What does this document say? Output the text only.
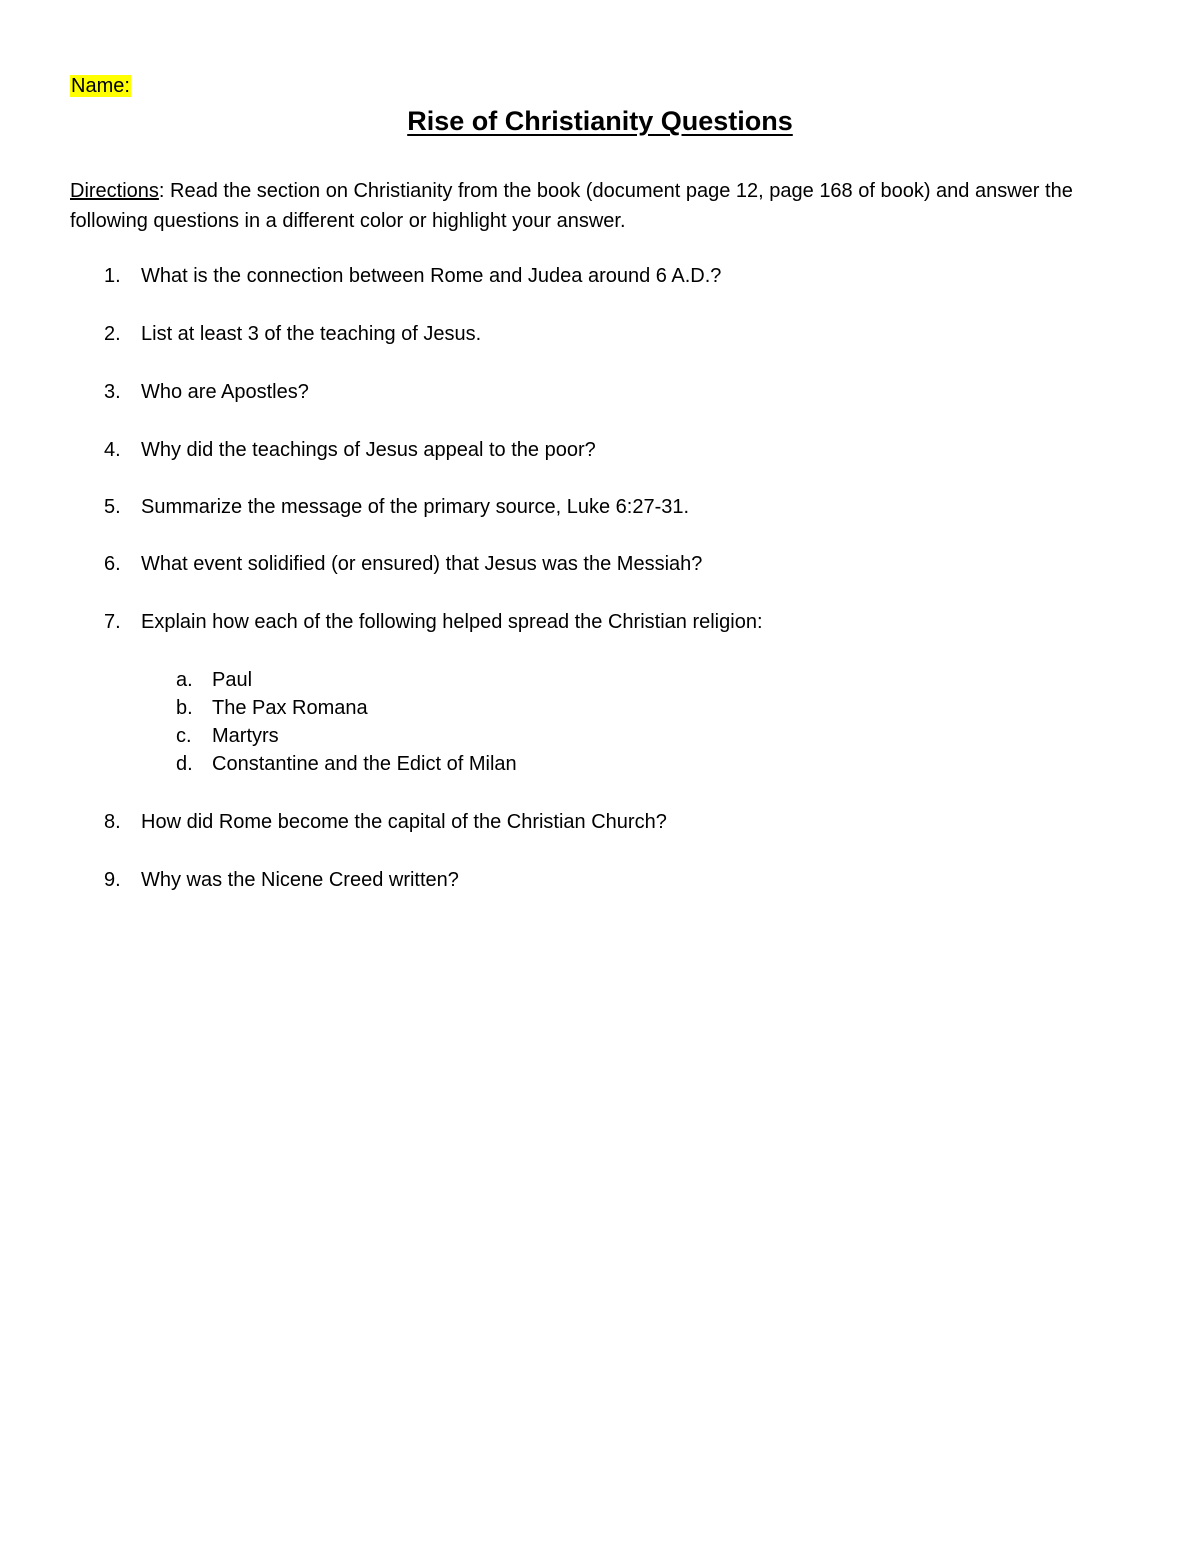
Name:
Rise of Christianity Questions

Directions: Read the section on Christianity from the book (document page 12, page 168 of book) and answer the following questions in a different color or highlight your answer.

1.	What is the connection between Rome and Judea around 6 A.D.?
2.	List at least 3 of the teaching of Jesus.
3.	Who are Apostles?
4.	Why did the teachings of Jesus appeal to the poor?
5.	Summarize the message of the primary source, Luke 6:27-31.
6.	What event solidified (or ensured) that Jesus was the Messiah?
7.	Explain how each of the following helped spread the Christian religion:
a. Paul
b. The Pax Romana
c.	Martyrs
d. Constantine and the Edict of Milan
8.	How did Rome become the capital of the Christian Church?
9.	Why was the Nicene Creed written?
